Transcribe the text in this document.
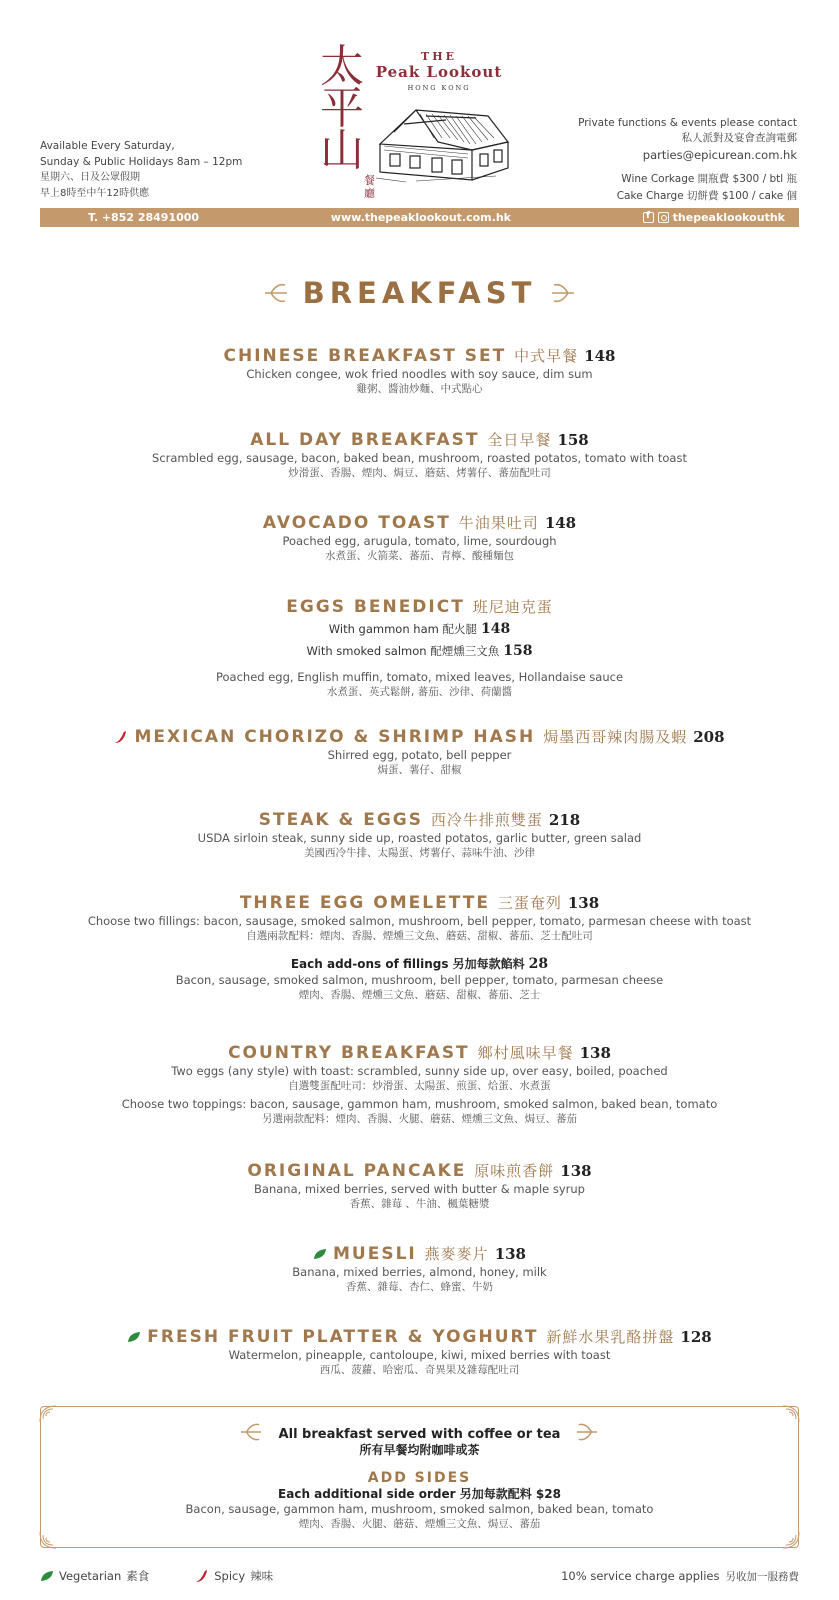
Available Every Saturday,
Sunday & Public Holidays 8am – 12pm
星期六、日及公眾假期
早上8時至中午12時供應
太
平
山
餐廳
THE
Peak Lookout
HONG KONG
Private functions & events please contact
私人派對及宴會查詢電郵
parties@epicurean.com.hk
Wine Corkage 開瓶費 $300 / btl 瓶
Cake Charge 切餅費 $100 / cake 個
T. +852 28491000	www.thepeaklookout.com.hk
f	thepeaklookouthk
BREAKFAST
CHINESE BREAKFAST SET 中式早餐 148
Chicken congee, wok fried noodles with soy sauce, dim sum
雞粥、醬油炒麵、中式點心
ALL DAY BREAKFAST 全日早餐 158
Scrambled egg, sausage, bacon, baked bean, mushroom, roasted potatos, tomato with toast
炒滑蛋、香腸、煙肉、焗豆、蘑菇、烤薯仔、蕃茄配吐司
AVOCADO TOAST 牛油果吐司 148
Poached egg, arugula, tomato, lime, sourdough
水煮蛋、火箭菜、蕃茄、青檸、酸種麵包
EGGS BENEDICT 班尼迪克蛋
With gammon ham 配火腿 148
With smoked salmon 配煙燻三文魚 158
Poached egg, English muffin, tomato, mixed leaves, Hollandaise sauce
水煮蛋、英式鬆餅, 蕃茄、沙律、荷蘭醬
MEXICAN CHORIZO & SHRIMP HASH 焗墨西哥辣肉腸及蝦 208
Shirred egg, potato, bell pepper
焗蛋、薯仔、甜椒
STEAK & EGGS 西冷牛排煎雙蛋 218
USDA sirloin steak, sunny side up, roasted potatos, garlic butter, green salad
美國西冷牛排、太陽蛋、烤薯仔、蒜味牛油、沙律
THREE EGG OMELETTE 三蛋奄列 138
Choose two fillings: bacon, sausage, smoked salmon, mushroom, bell pepper, tomato, parmesan cheese with toast
自選兩款配料：煙肉、香腸、煙燻三文魚、蘑菇、甜椒、蕃茄、芝士配吐司
Each add-ons of fillings 另加每款餡料 28
Bacon, sausage, smoked salmon, mushroom, bell pepper, tomato, parmesan cheese
煙肉、香腸、煙燻三文魚、蘑菇、甜椒、蕃茄、芝士
COUNTRY BREAKFAST 鄉村風味早餐 138
Two eggs (any style) with toast: scrambled, sunny side up, over easy, boiled, poached
自選雙蛋配吐司：炒滑蛋、太陽蛋、煎蛋、烚蛋、水煮蛋
Choose two toppings: bacon, sausage, gammon ham, mushroom, smoked salmon, baked bean, tomato
另選兩款配料：煙肉、香腸、火腿、蘑菇、煙燻三文魚、焗豆、蕃茄
ORIGINAL PANCAKE 原味煎香餅 138
Banana, mixed berries, served with butter & maple syrup
香蕉、雜莓 、牛油、楓葉糖漿
MUESLI 燕麥麥片 138
Banana, mixed berries, almond, honey, milk
香蕉、雜莓、杏仁、蜂蜜、牛奶
FRESH FRUIT PLATTER & YOGHURT 新鮮水果乳酪拼盤 128
Watermelon, pineapple, cantoloupe, kiwi, mixed berries with toast
西瓜、菠蘿、哈密瓜、奇異果及雜莓配吐司
All breakfast served with coffee or tea
所有早餐均附咖啡或茶
ADD SIDES
Each additional side order 另加每款配料 $28
Bacon, sausage, gammon ham, mushroom, smoked salmon, baked bean, tomato
煙肉、香腸、火腿、蘑菇、煙燻三文魚、焗豆、蕃茄
Vegetarian 素食	Spicy 辣味	10% service charge applies 另收加一服務費
